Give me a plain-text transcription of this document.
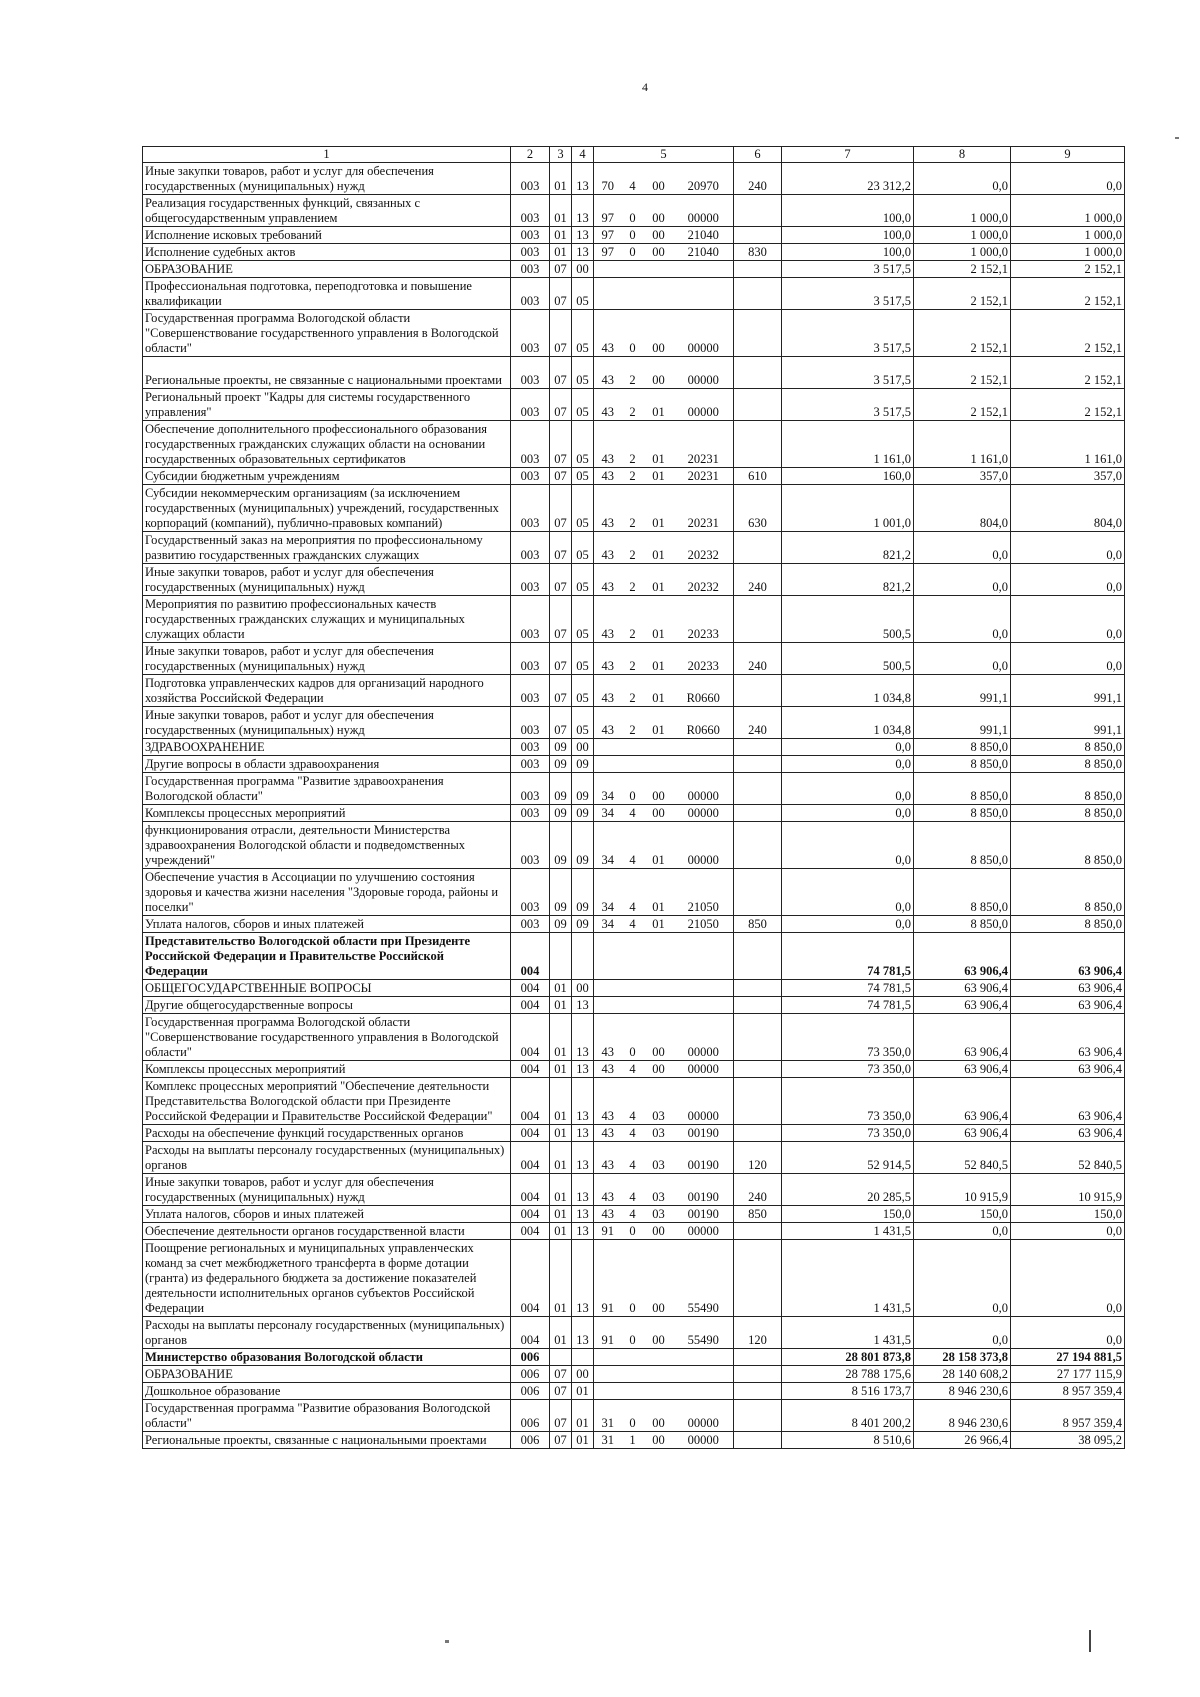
4
1	2	3	4	5				6	7	8	9
Иные закупки товаров, работ и услуг для обеспечения государственных (муниципальных) нужд	003	01	13	70	4	00	20970	240	23 312,2	0,0	0,0
Реализация государственных функций, связанных с общегосударственным управлением	003	01	13	97	0	00	00000		100,0	1 000,0	1 000,0
Исполнение исковых требований	003	01	13	97	0	00	21040		100,0	1 000,0	1 000,0
Исполнение судебных актов	003	01	13	97	0	00	21040	830	100,0	1 000,0	1 000,0
ОБРАЗОВАНИЕ	003	07	00						3 517,5	2 152,1	2 152,1
Профессиональная подготовка, переподготовка и повышение квалификации	003	07	05						3 517,5	2 152,1	2 152,1
Государственная программа Вологодской области "Совершенствование государственного управления в Вологодской области"	003	07	05	43	0	00	00000		3 517,5	2 152,1	2 152,1
Региональные проекты, не связанные с национальными проектами	003	07	05	43	2	00	00000		3 517,5	2 152,1	2 152,1
Региональный проект "Кадры для системы государственного управления"	003	07	05	43	2	01	00000		3 517,5	2 152,1	2 152,1
Обеспечение дополнительного профессионального образования государственных гражданских служащих области на основании государственных образовательных сертификатов	003	07	05	43	2	01	20231		1 161,0	1 161,0	1 161,0
Субсидии бюджетным учреждениям	003	07	05	43	2	01	20231	610	160,0	357,0	357,0
Субсидии некоммерческим организациям (за исключением государственных (муниципальных) учреждений, государственных корпораций (компаний), публично-правовых компаний)	003	07	05	43	2	01	20231	630	1 001,0	804,0	804,0
Государственный заказ на мероприятия по профессиональному развитию государственных гражданских служащих	003	07	05	43	2	01	20232		821,2	0,0	0,0
Иные закупки товаров, работ и услуг для обеспечения государственных (муниципальных) нужд	003	07	05	43	2	01	20232	240	821,2	0,0	0,0
Мероприятия по развитию профессиональных качеств государственных гражданских служащих и муниципальных служащих области	003	07	05	43	2	01	20233		500,5	0,0	0,0
Иные закупки товаров, работ и услуг для обеспечения государственных (муниципальных) нужд	003	07	05	43	2	01	20233	240	500,5	0,0	0,0
Подготовка управленческих кадров для организаций народного хозяйства Российской Федерации	003	07	05	43	2	01	R0660		1 034,8	991,1	991,1
Иные закупки товаров, работ и услуг для обеспечения государственных (муниципальных) нужд	003	07	05	43	2	01	R0660	240	1 034,8	991,1	991,1
ЗДРАВООХРАНЕНИЕ	003	09	00						0,0	8 850,0	8 850,0
Другие вопросы в области здравоохранения	003	09	09						0,0	8 850,0	8 850,0
Государственная программа "Развитие здравоохранения Вологодской области"	003	09	09	34	0	00	00000		0,0	8 850,0	8 850,0
Комплексы процессных мероприятий	003	09	09	34	4	00	00000		0,0	8 850,0	8 850,0
функционирования отрасли, деятельности Министерства здравоохранения Вологодской области и подведомственных учреждений"	003	09	09	34	4	01	00000		0,0	8 850,0	8 850,0
Обеспечение участия в Ассоциации по улучшению состояния здоровья и качества жизни населения "Здоровые города, районы и поселки"	003	09	09	34	4	01	21050		0,0	8 850,0	8 850,0
Уплата налогов, сборов и иных платежей	003	09	09	34	4	01	21050	850	0,0	8 850,0	8 850,0
Представительство Вологодской области при Президенте Российской Федерации и Правительстве Российской Федерации	004								74 781,5	63 906,4	63 906,4
ОБЩЕГОСУДАРСТВЕННЫЕ ВОПРОСЫ	004	01	00						74 781,5	63 906,4	63 906,4
Другие общегосударственные вопросы	004	01	13						74 781,5	63 906,4	63 906,4
Государственная программа Вологодской области "Совершенствование государственного управления в Вологодской области"	004	01	13	43	0	00	00000		73 350,0	63 906,4	63 906,4
Комплексы процессных мероприятий	004	01	13	43	4	00	00000		73 350,0	63 906,4	63 906,4
Комплекс процессных мероприятий "Обеспечение деятельности Представительства Вологодской области при Президенте Российской Федерации и Правительстве Российской Федерации"	004	01	13	43	4	03	00000		73 350,0	63 906,4	63 906,4
Расходы на обеспечение функций государственных органов	004	01	13	43	4	03	00190		73 350,0	63 906,4	63 906,4
Расходы на выплаты персоналу государственных (муниципальных) органов	004	01	13	43	4	03	00190	120	52 914,5	52 840,5	52 840,5
Иные закупки товаров, работ и услуг для обеспечения государственных (муниципальных) нужд	004	01	13	43	4	03	00190	240	20 285,5	10 915,9	10 915,9
Уплата налогов, сборов и иных платежей	004	01	13	43	4	03	00190	850	150,0	150,0	150,0
Обеспечение деятельности органов государственной власти	004	01	13	91	0	00	00000		1 431,5	0,0	0,0
Поощрение региональных и муниципальных управленческих команд за счет межбюджетного трансферта в форме дотации (гранта) из федерального бюджета за достижение показателей деятельности исполнительных органов субъектов Российской Федерации	004	01	13	91	0	00	55490		1 431,5	0,0	0,0
Расходы на выплаты персоналу государственных (муниципальных) органов	004	01	13	91	0	00	55490	120	1 431,5	0,0	0,0
Министерство образования Вологодской области	006								28 801 873,8	28 158 373,8	27 194 881,5
ОБРАЗОВАНИЕ	006	07	00						28 788 175,6	28 140 608,2	27 177 115,9
Дошкольное образование	006	07	01						8 516 173,7	8 946 230,6	8 957 359,4
Государственная программа "Развитие образования Вологодской области"	006	07	01	31	0	00	00000		8 401 200,2	8 946 230,6	8 957 359,4
Региональные проекты, связанные с национальными проектами	006	07	01	31	1	00	00000		8 510,6	26 966,4	38 095,2
